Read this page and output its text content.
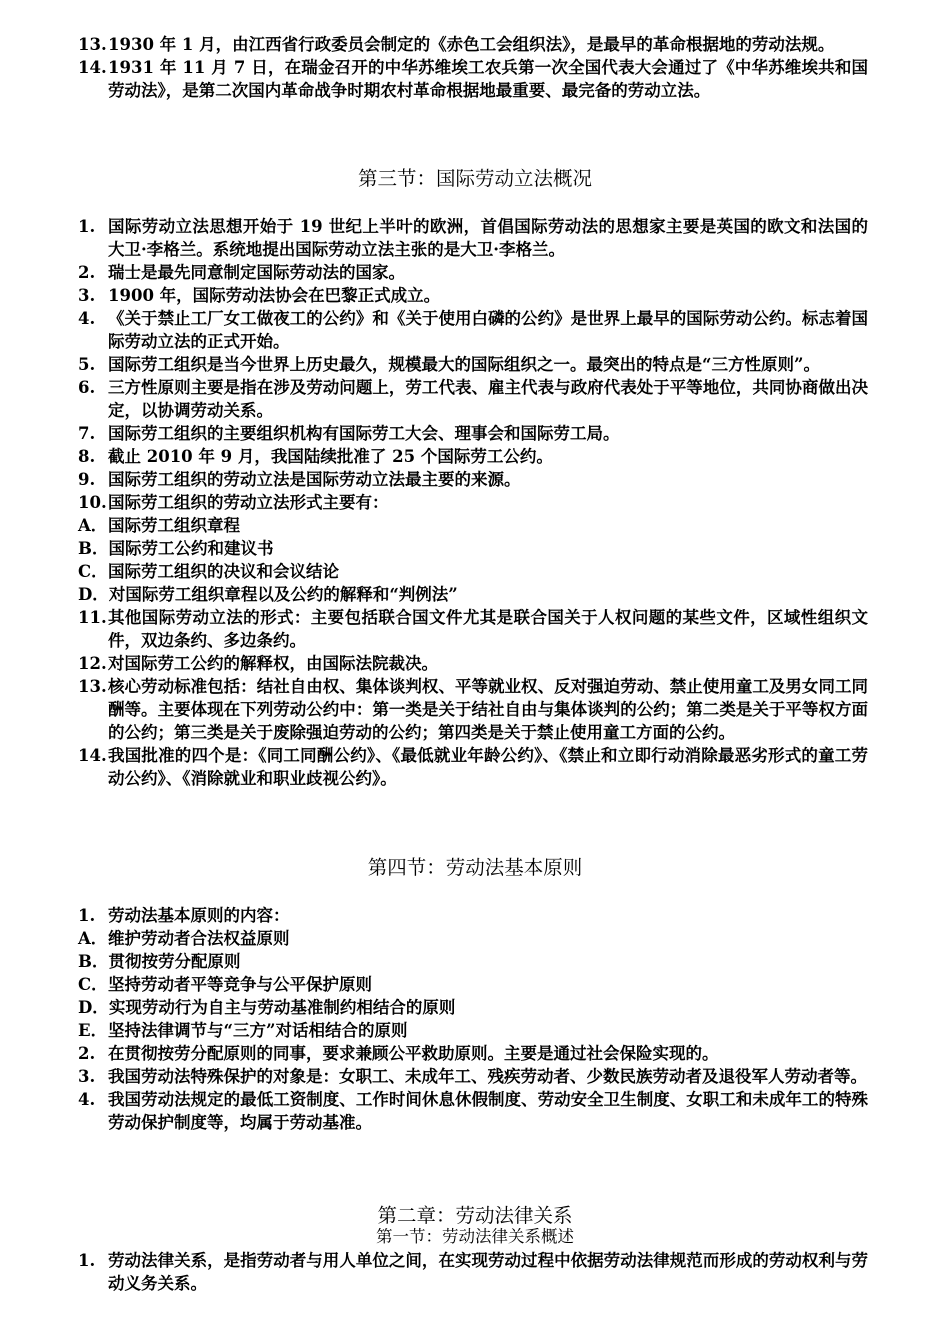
13. 1930 年 1 月，由江西省行政委员会制定的《赤色工会组织法》，是最早的革命根据地的劳动法规。
14. 1931 年 11 月 7 日，在瑞金召开的中华苏维埃工农兵第一次全国代表大会通过了《中华苏维埃共和国劳动法》，是第二次国内革命战争时期农村革命根据地最重要、最完备的劳动立法。
第三节：国际劳动立法概况
1. 国际劳动立法思想开始于 19 世纪上半叶的欧洲，首倡国际劳动法的思想家主要是英国的欧文和法国的大卫·李格兰。系统地提出国际劳动立法主张的是大卫·李格兰。
2. 瑞士是最先同意制定国际劳动法的国家。
3. 1900 年，国际劳动法协会在巴黎正式成立。
4. 《关于禁止工厂女工做夜工的公约》和《关于使用白磷的公约》是世界上最早的国际劳动公约。标志着国际劳动立法的正式开始。
5. 国际劳工组织是当今世界上历史最久，规模最大的国际组织之一。最突出的特点是“三方性原则”。
6. 三方性原则主要是指在涉及劳动问题上，劳工代表、雇主代表与政府代表处于平等地位，共同协商做出决定，以协调劳动关系。
7. 国际劳工组织的主要组织机构有国际劳工大会、理事会和国际劳工局。
8. 截止 2010 年 9 月，我国陆续批准了 25 个国际劳工公约。
9. 国际劳工组织的劳动立法是国际劳动立法最主要的来源。
10. 国际劳工组织的劳动立法形式主要有：
A． 国际劳工组织章程
B． 国际劳工公约和建议书
C． 国际劳工组织的决议和会议结论
D． 对国际劳工组织章程以及公约的解释和“判例法”
11. 其他国际劳动立法的形式：主要包括联合国文件尤其是联合国关于人权问题的某些文件，区域性组织文件，双边条约、多边条约。
12. 对国际劳工公约的解释权，由国际法院裁决。
13. 核心劳动标准包括：结社自由权、集体谈判权、平等就业权、反对强迫劳动、禁止使用童工及男女同工同酬等。主要体现在下列劳动公约中：第一类是关于结社自由与集体谈判的公约；第二类是关于平等权方面的公约；第三类是关于废除强迫劳动的公约；第四类是关于禁止使用童工方面的公约。
14. 我国批准的四个是：《同工同酬公约》、《最低就业年龄公约》、《禁止和立即行动消除最恶劣形式的童工劳动公约》、《消除就业和职业歧视公约》。
第四节：劳动法基本原则
1. 劳动法基本原则的内容：
A． 维护劳动者合法权益原则
B． 贯彻按劳分配原则
C． 坚持劳动者平等竞争与公平保护原则
D． 实现劳动行为自主与劳动基准制约相结合的原则
E． 坚持法律调节与“三方”对话相结合的原则
2. 在贯彻按劳分配原则的同事，要求兼顾公平救助原则。主要是通过社会保险实现的。
3. 我国劳动法特殊保护的对象是：女职工、未成年工、残疾劳动者、少数民族劳动者及退役军人劳动者等。
4. 我国劳动法规定的最低工资制度、工作时间休息休假制度、劳动安全卫生制度、女职工和未成年工的特殊劳动保护制度等，均属于劳动基准。
第二章：劳动法律关系
第一节：劳动法律关系概述
1. 劳动法律关系，是指劳动者与用人单位之间，在实现劳动过程中依据劳动法律规范而形成的劳动权利与劳动义务关系。
